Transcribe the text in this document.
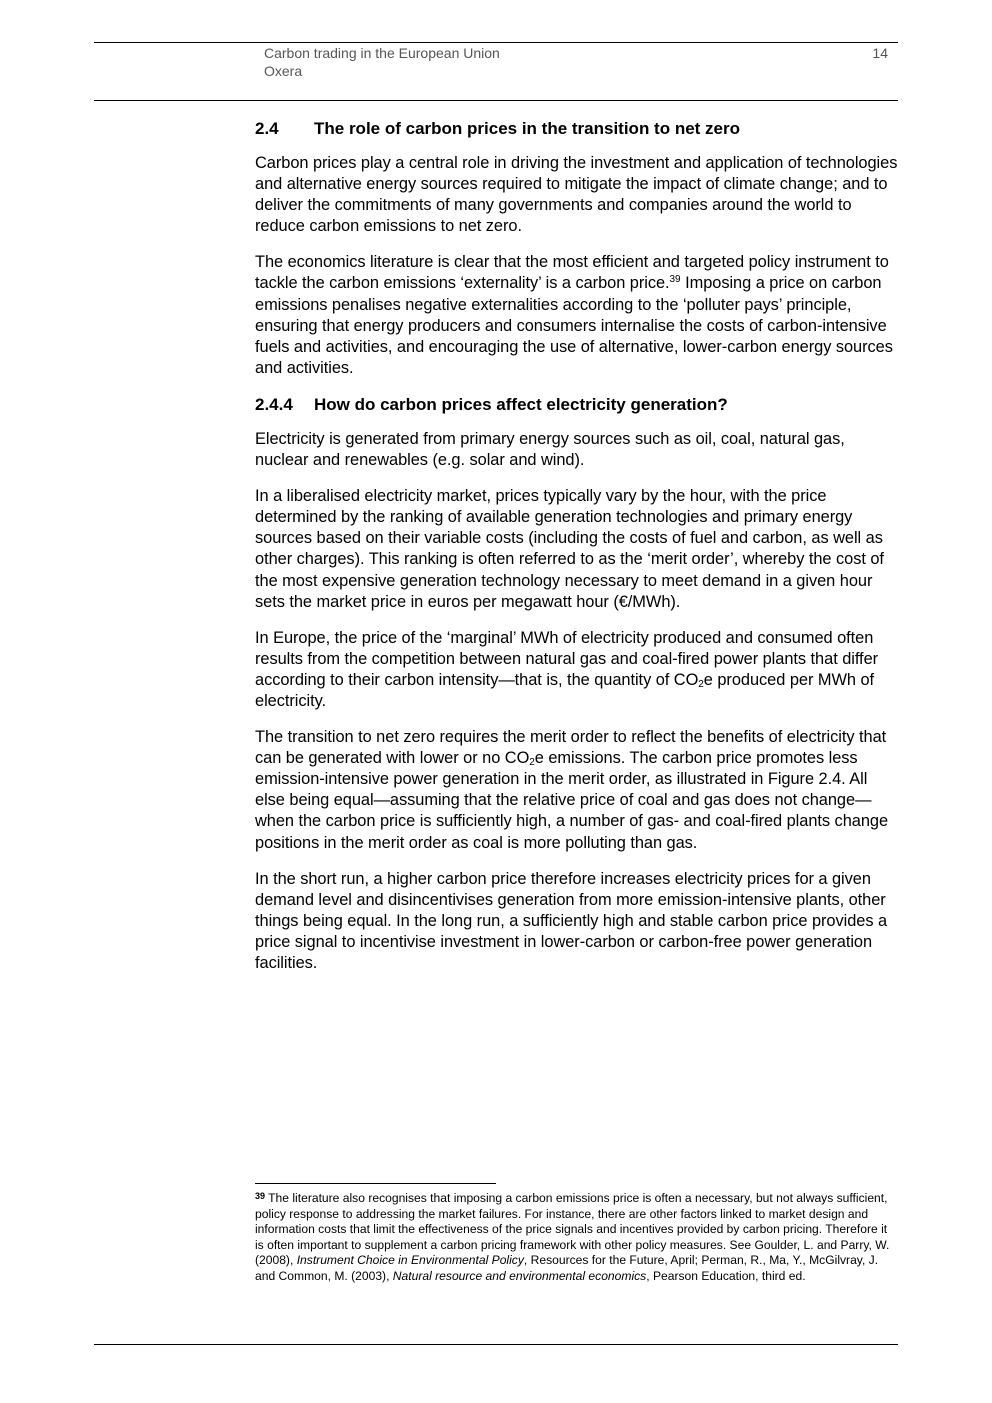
Carbon trading in the European Union
Oxera
14
2.4 The role of carbon prices in the transition to net zero

Carbon prices play a central role in driving the investment and application of technologies and alternative energy sources required to mitigate the impact of climate change; and to deliver the commitments of many governments and companies around the world to reduce carbon emissions to net zero.

The economics literature is clear that the most efficient and targeted policy instrument to tackle the carbon emissions ‘externality’ is a carbon price.$^{39}$ Imposing a price on carbon emissions penalises negative externalities according to the ‘polluter pays’ principle, ensuring that energy producers and consumers internalise the costs of carbon-intensive fuels and activities, and encouraging the use of alternative, lower-carbon energy sources and activities.

2.4.4 How do carbon prices affect electricity generation?

Electricity is generated from primary energy sources such as oil, coal, natural gas, nuclear and renewables (e.g. solar and wind).

In a liberalised electricity market, prices typically vary by the hour, with the price determined by the ranking of available generation technologies and primary energy sources based on their variable costs (including the costs of fuel and carbon, as well as other charges). This ranking is often referred to as the ‘merit order’, whereby the cost of the most expensive generation technology necessary to meet demand in a given hour sets the market price in euros per megawatt hour (€/MWh).

In Europe, the price of the ‘marginal’ MWh of electricity produced and consumed often results from the competition between natural gas and coal-fired power plants that differ according to their carbon intensity—that is, the quantity of $CO_2e$ produced per MWh of electricity.

The transition to net zero requires the merit order to reflect the benefits of electricity that can be generated with lower or no $CO_2e$ emissions. The carbon price promotes less emission-intensive power generation in the merit order, as illustrated in Figure 2.4. All else being equal—assuming that the relative price of coal and gas does not change—when the carbon price is sufficiently high, a number of gas- and coal-fired plants change positions in the merit order as coal is more polluting than gas.

In the short run, a higher carbon price therefore increases electricity prices for a given demand level and disincentivises generation from more emission-intensive plants, other things being equal. In the long run, a sufficiently high and stable carbon price provides a price signal to incentivise investment in lower-carbon or carbon-free power generation facilities.

$^{39}$ The literature also recognises that imposing a carbon emissions price is often a necessary, but not always sufficient, policy response to addressing the market failures. For instance, there are other factors linked to market design and information costs that limit the effectiveness of the price signals and incentives provided by carbon pricing. Therefore it is often important to supplement a carbon pricing framework with other policy measures. See Goulder, L. and Parry, W. (2008), Instrument Choice in Environmental Policy, Resources for the Future, April; Perman, R., Ma, Y., McGilvray, J. and Common, M. (2003), Natural resource and environmental economics, Pearson Education, third ed.
